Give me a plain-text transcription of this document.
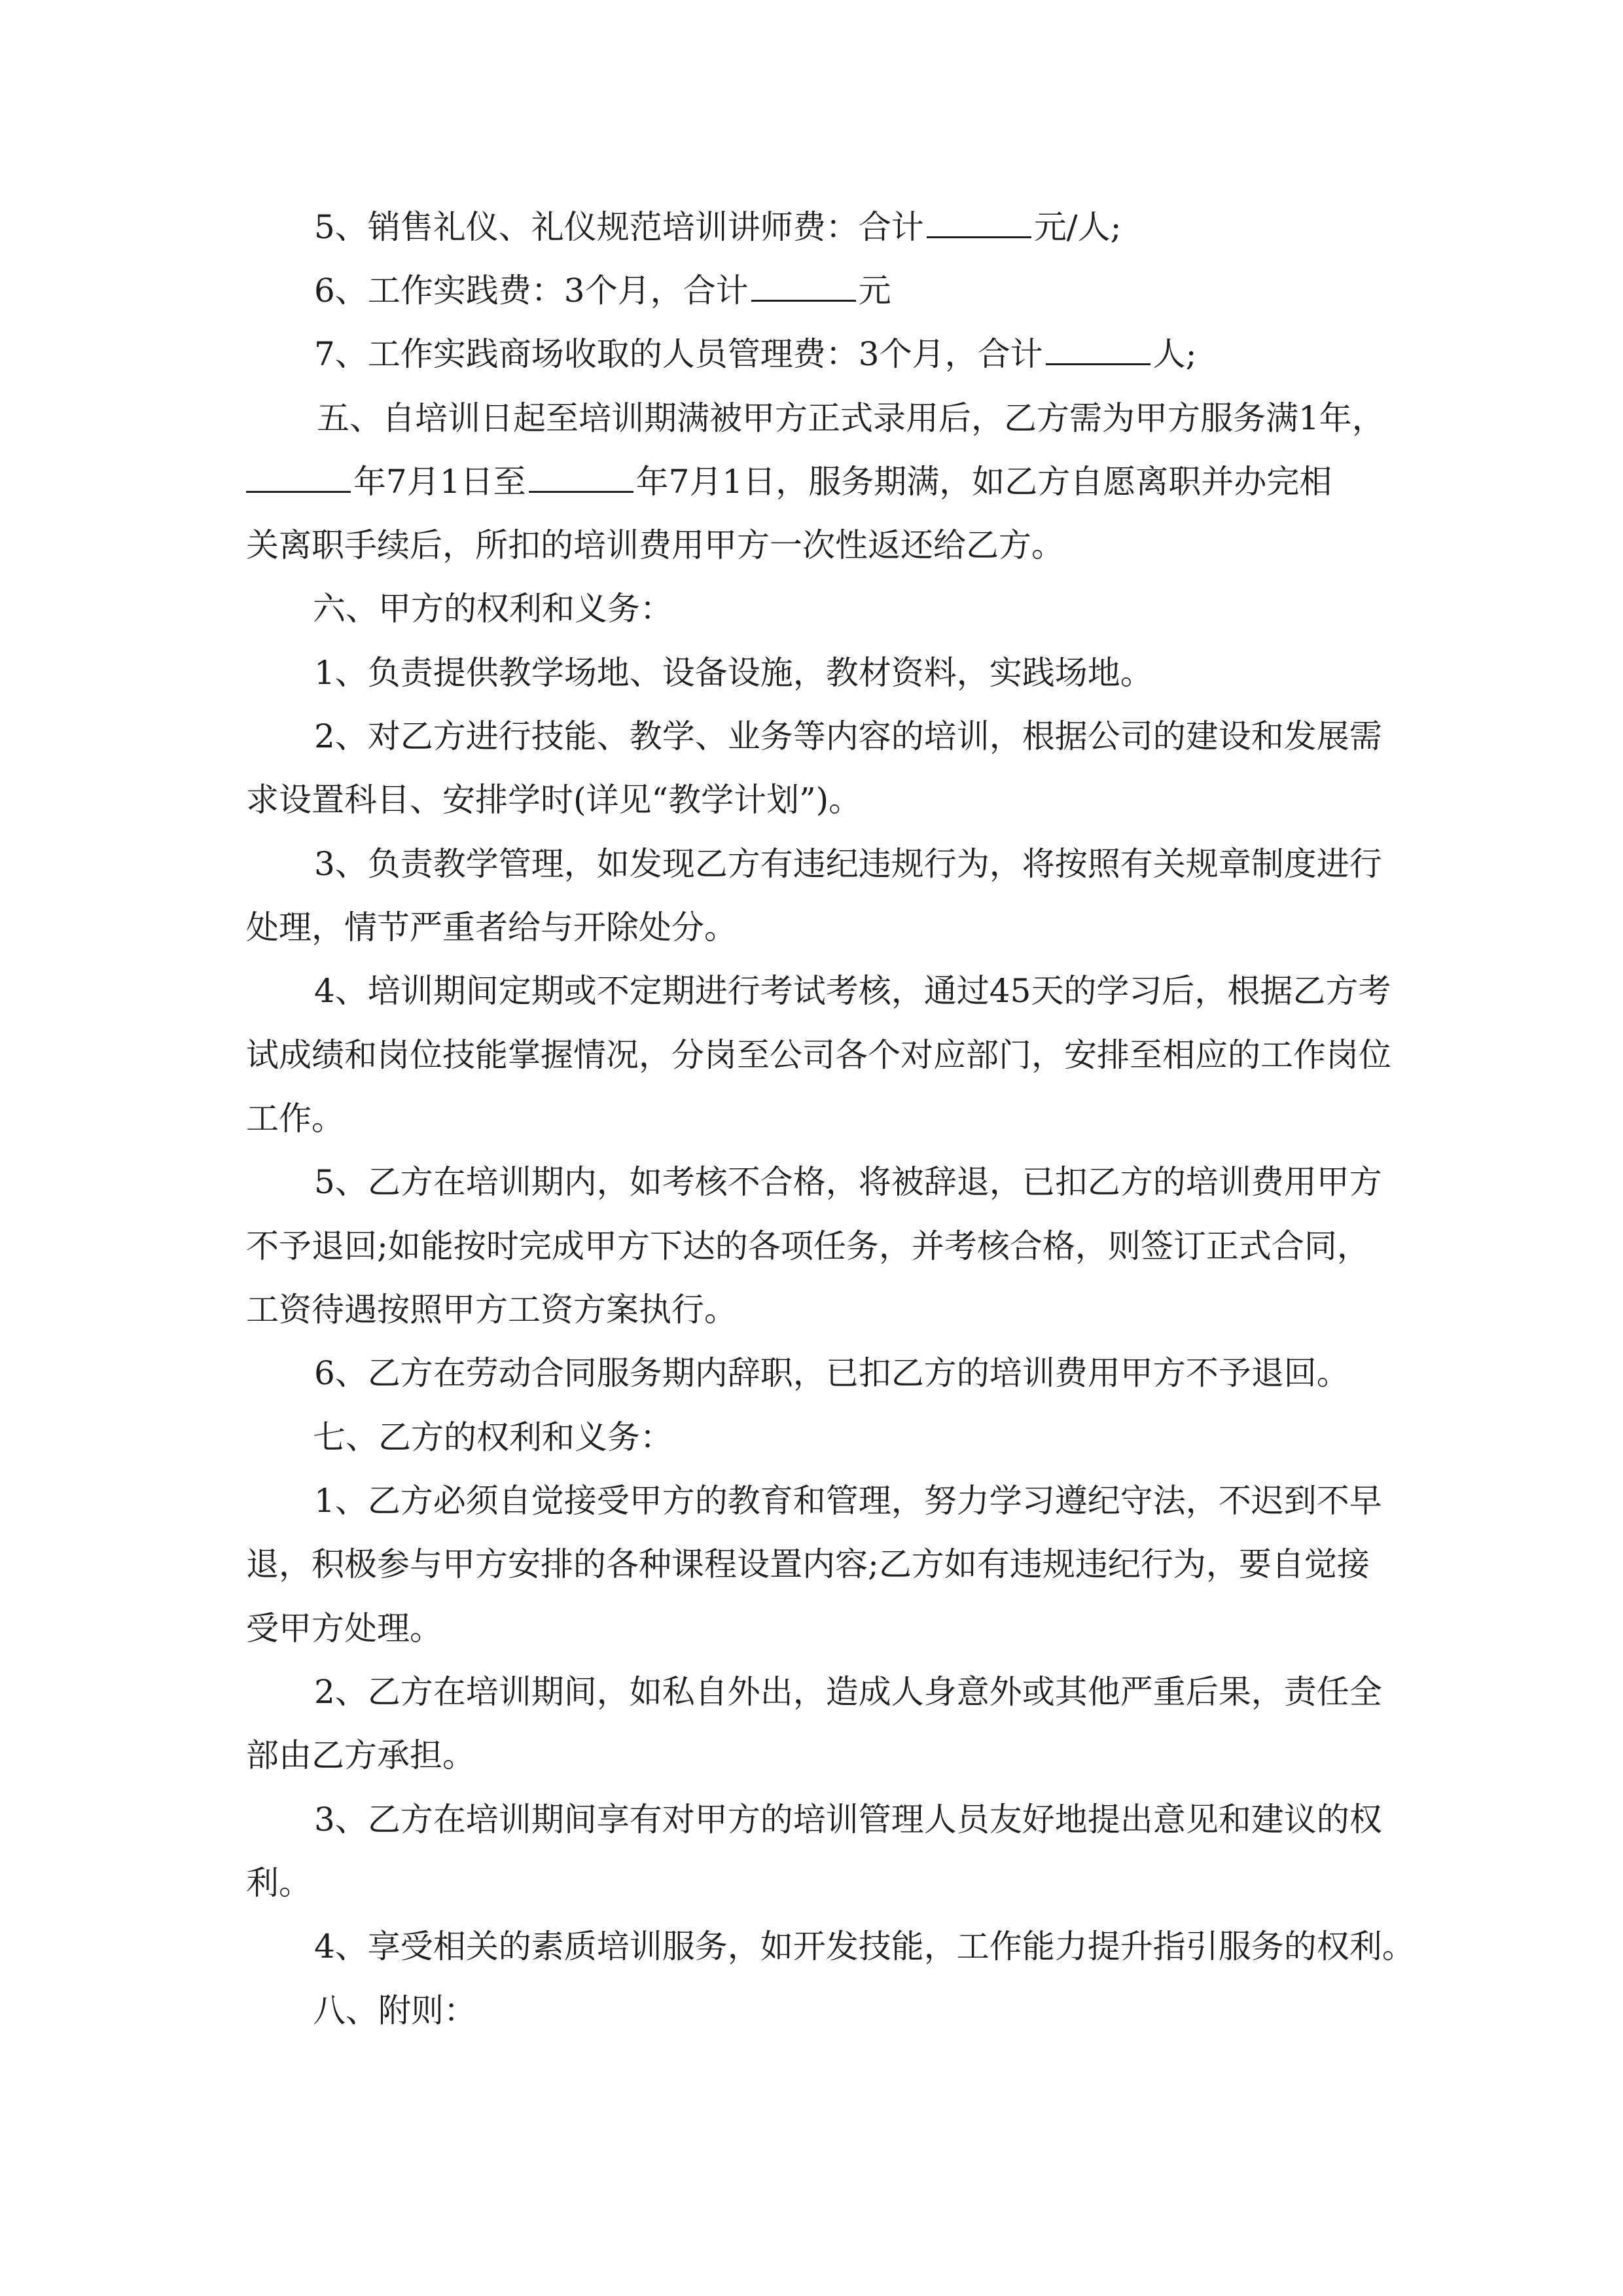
5、销售礼仪、礼仪规范培训讲师费：合计	元/人;

6、工作实践费：3个月，合计	元

7、工作实践商场收取的人员管理费：3个月，合计	人;

五、自培训日起至培训期满被甲方正式录用后，乙方需为甲方服务满1年，

年7月1日至	年7月1日，服务期满，如乙方自愿离职并办完相

关离职手续后，所扣的培训费用甲方一次性返还给乙方。

六、甲方的权利和义务：

1、负责提供教学场地、设备设施，教材资料，实践场地。

2、对乙方进行技能、教学、业务等内容的培训，根据公司的建设和发展需

求设置科目、安排学时(详见“教学计划”)。

3、负责教学管理，如发现乙方有违纪违规行为，将按照有关规章制度进行

处理，情节严重者给与开除处分。

4、培训期间定期或不定期进行考试考核，通过45天的学习后，根据乙方考

试成绩和岗位技能掌握情况，分岗至公司各个对应部门，安排至相应的工作岗位

工作。

5、乙方在培训期内，如考核不合格，将被辞退，已扣乙方的培训费用甲方

不予退回;如能按时完成甲方下达的各项任务，并考核合格，则签订正式合同，

工资待遇按照甲方工资方案执行。

6、乙方在劳动合同服务期内辞职，已扣乙方的培训费用甲方不予退回。

七、乙方的权利和义务：

1、乙方必须自觉接受甲方的教育和管理，努力学习遵纪守法，不迟到不早

退，积极参与甲方安排的各种课程设置内容;乙方如有违规违纪行为，要自觉接

受甲方处理。

2、乙方在培训期间，如私自外出，造成人身意外或其他严重后果，责任全

部由乙方承担。

3、乙方在培训期间享有对甲方的培训管理人员友好地提出意见和建议的权

利。

4、享受相关的素质培训服务，如开发技能，工作能力提升指引服务的权利。

八、附则：
